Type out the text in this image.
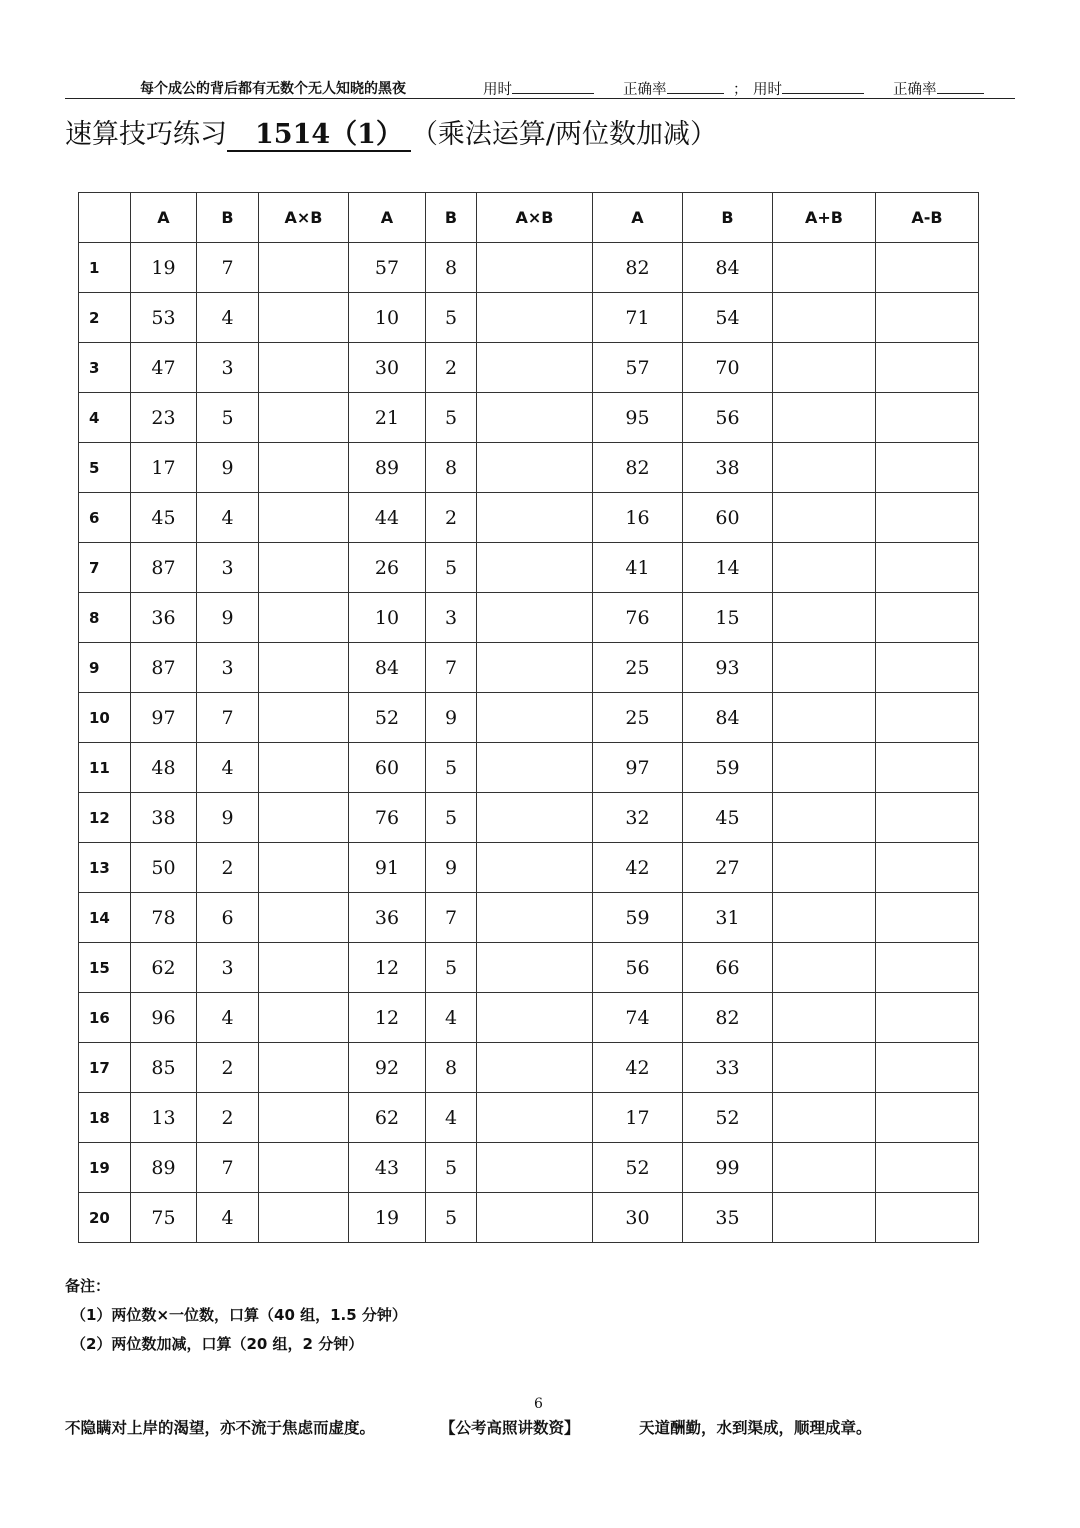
每个成公的背后都有无数个无人知晓的黑夜	用时	正确率	； 用时	正确率
速算技巧练习 1514（1） （乘法运算/两位数加减）
	A	B	A×B	A	B	A×B	A	B	A+B	A-B
1	19	7		57	8		82	84		
2	53	4		10	5		71	54		
3	47	3		30	2		57	70		
4	23	5		21	5		95	56		
5	17	9		89	8		82	38		
6	45	4		44	2		16	60		
7	87	3		26	5		41	14		
8	36	9		10	3		76	15		
9	87	3		84	7		25	93		
10	97	7		52	9		25	84		
11	48	4		60	5		97	59		
12	38	9		76	5		32	45		
13	50	2		91	9		42	27		
14	78	6		36	7		59	31		
15	62	3		12	5		56	66		
16	96	4		12	4		74	82		
17	85	2		92	8		42	33		
18	13	2		62	4		17	52		
19	89	7		43	5		52	99		
20	75	4		19	5		30	35		
备注：
（1）两位数×一位数，口算（40 组，1.5 分钟）
（2）两位数加减，口算（20 组，2 分钟）
6
不隐瞒对上岸的渴望，亦不流于焦虑而虚度。	【公考高照讲数资】	天道酬勤，水到渠成，顺理成章。
